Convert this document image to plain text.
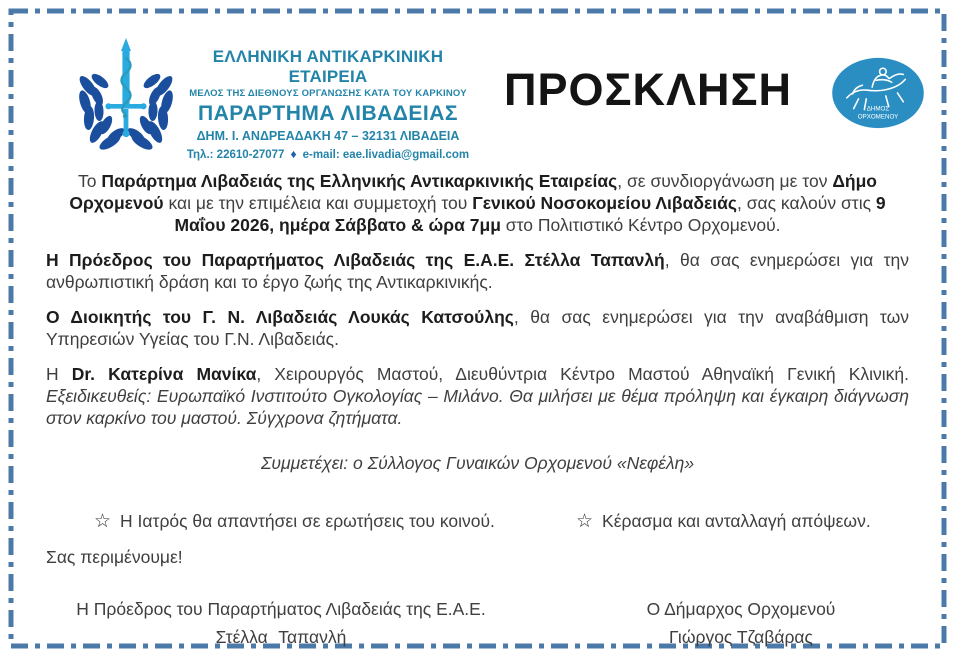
ΕΛΛΗΝΙΚΗ ΑΝΤΙΚΑΡΚΙΝΙΚΗ ΕΤΑΙΡΕΙΑ
ΜΕΛΟΣ ΤΗΣ ΔΙΕΘΝΟΥΣ ΟΡΓΑΝΩΣΗΣ ΚΑΤΑ ΤΟΥ ΚΑΡΚΙΝΟΥ
ΠΑΡΑΡΤΗΜΑ ΛΙΒΑΔΕΙΑΣ
ΔΗΜ. Ι. ΑΝΔΡΕΑΔΑΚΗ 47 – 32131 ΛΙΒΑΔΕΙΑ
Τηλ.: 22610-27077 ♦ e-mail: eae.livadia@gmail.com
ΠΡΟΣΚΛΗΣΗ	ΔΗΜΟΣ
ΟΡΧΟΜΕΝΟΥ

Το Παράρτημα Λιβαδειάς της Ελληνικής Αντικαρκινικής Εταιρείας, σε συνδιοργάνωση με τον Δήμο Ορχομενού και με την επιμέλεια και συμμετοχή του Γενικού Νοσοκομείου Λιβαδειάς, σας καλούν στις 9 Μαΐου 2026, ημέρα Σάββατο & ώρα 7μμ στο Πολιτιστικό Κέντρο Ορχομενού.

Η Πρόεδρος του Παραρτήματος Λιβαδειάς της Ε.Α.Ε. Στέλλα Ταπανλή, θα σας ενημερώσει για την ανθρωπιστική δράση και το έργο ζωής της Αντικαρκινικής.

Ο Διοικητής του Γ. Ν. Λιβαδειάς Λουκάς Κατσούλης, θα σας ενημερώσει για την αναβάθμιση των Υπηρεσιών Υγείας του Γ.Ν. Λιβαδειάς.

Η Dr. Κατερίνα Μανίκα, Χειρουργός Μαστού, Διευθύντρια Κέντρο Μαστού Αθηναϊκή Γενική Κλινική. Εξειδικευθείς: Ευρωπαϊκό Ινστιτούτο Ογκολογίας – Μιλάνο. Θα μιλήσει με θέμα πρόληψη και έγκαιρη διάγνωση στον καρκίνο του μαστού. Σύγχρονα ζητήματα.

Συμμετέχει: ο Σύλλογος Γυναικών Ορχομενού «Νεφέλη»

☆ Η Ιατρός θα απαντήσει σε ερωτήσεις του κοινού.	☆ Κέρασμα και ανταλλαγή απόψεων.
Σας περιμένουμε!
Η Πρόεδρος του Παραρτήματος Λιβαδειάς της Ε.Α.Ε.
Στέλλα Ταπανλή
Ο Δήμαρχος Ορχομενού
Γιώργος Τζαβάρας
